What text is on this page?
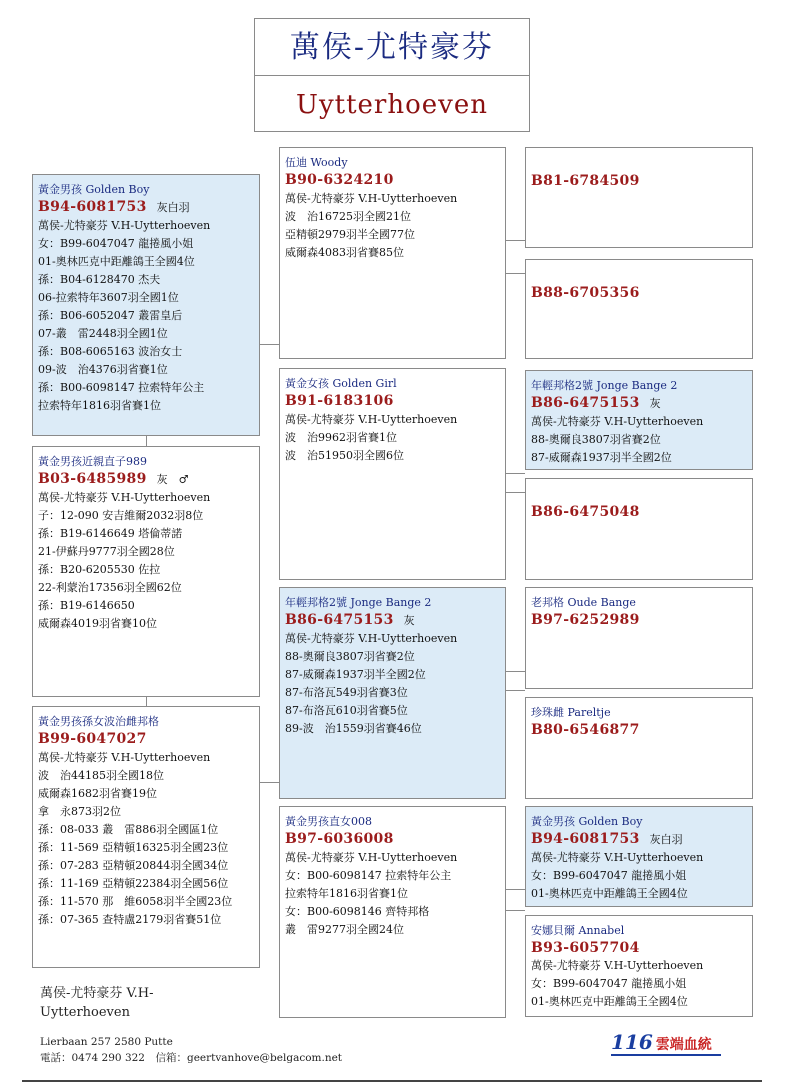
萬侯-尤特豪芬
Uytterhoeven
黃金男孩 Golden Boy
B94-6081753 灰白羽
萬侯-尤特豪芬 V.H-Uytterhoeven
女：B99-6047047 龍捲風小姐
01-奧林匹克中距離鴿王全國4位
孫：B04-6128470 杰夫
06-拉索特年3607羽全國1位
孫：B06-6052047 叢雷皇后
07-叢　雷2448羽全國1位
孫：B08-6065163 波治女士
09-波　治4376羽省賽1位
孫：B00-6098147 拉索特年公主
拉索特年1816羽省賽1位
黃金男孩近親直子989
B03-6485989 灰　♂
萬侯-尤特豪芬 V.H-Uytterhoeven
子：12-090 安吉維爾2032羽8位
孫：B19-6146649 塔倫蒂諾
21-伊蘇丹9777羽全國28位
孫：B20-6205530 佐拉
22-利蒙治17356羽全國62位
孫：B19-6146650
威爾森4019羽省賽10位
黃金男孩孫女波治雌邦格
B99-6047027
萬侯-尤特豪芬 V.H-Uytterhoeven
波　治44185羽全國18位
威爾森1682羽省賽19位
拿　永873羽2位
孫：08-033 叢　雷886羽全國區1位
孫：11-569 亞精頓16325羽全國23位
孫：07-283 亞精頓20844羽全國34位
孫：11-169 亞精頓22384羽全國56位
孫：11-570 那　維6058羽半全國23位
孫：07-365 查特盧2179羽省賽51位
伍迪 Woody
B90-6324210
萬侯-尤特豪芬 V.H-Uytterhoeven
波　治16725羽全國21位
亞精頓2979羽半全國77位
威爾森4083羽省賽85位
黃金女孩 Golden Girl
B91-6183106
萬侯-尤特豪芬 V.H-Uytterhoeven
波　治9962羽省賽1位
波　治51950羽全國6位
年輕邦格2號 Jonge Bange 2
B86-6475153 灰
萬侯-尤特豪芬 V.H-Uytterhoeven
88-奧爾良3807羽省賽2位
87-威爾森1937羽半全國2位
87-布洛瓦549羽省賽3位
87-布洛瓦610羽省賽5位
89-波　治1559羽省賽46位
黃金男孩直女008
B97-6036008
萬侯-尤特豪芬 V.H-Uytterhoeven
女：B00-6098147 拉索特年公主
拉索特年1816羽省賽1位
女：B00-6098146 齊特邦格
叢　雷9277羽全國24位
B81-6784509
B88-6705356
年輕邦格2號 Jonge Bange 2
B86-6475153 灰
萬侯-尤特豪芬 V.H-Uytterhoeven
88-奧爾良3807羽省賽2位
87-威爾森1937羽半全國2位
B86-6475048
老邦格 Oude Bange
B97-6252989
珍珠雌 Pareltje
B80-6546877
黃金男孩 Golden Boy
B94-6081753 灰白羽
萬侯-尤特豪芬 V.H-Uytterhoeven
女：B99-6047047 龍捲風小姐
01-奧林匹克中距離鴿王全國4位
安娜貝爾 Annabel
B93-6057704
萬侯-尤特豪芬 V.H-Uytterhoeven
女：B99-6047047 龍捲風小姐
01-奧林匹克中距離鴿王全國4位
萬侯-尤特豪芬 V.H-Uytterhoeven
Lierbaan 257 2580 Putte
電話：0474 290 322　信箱：geertvanhove@belgacom.net
116 雲端血統
